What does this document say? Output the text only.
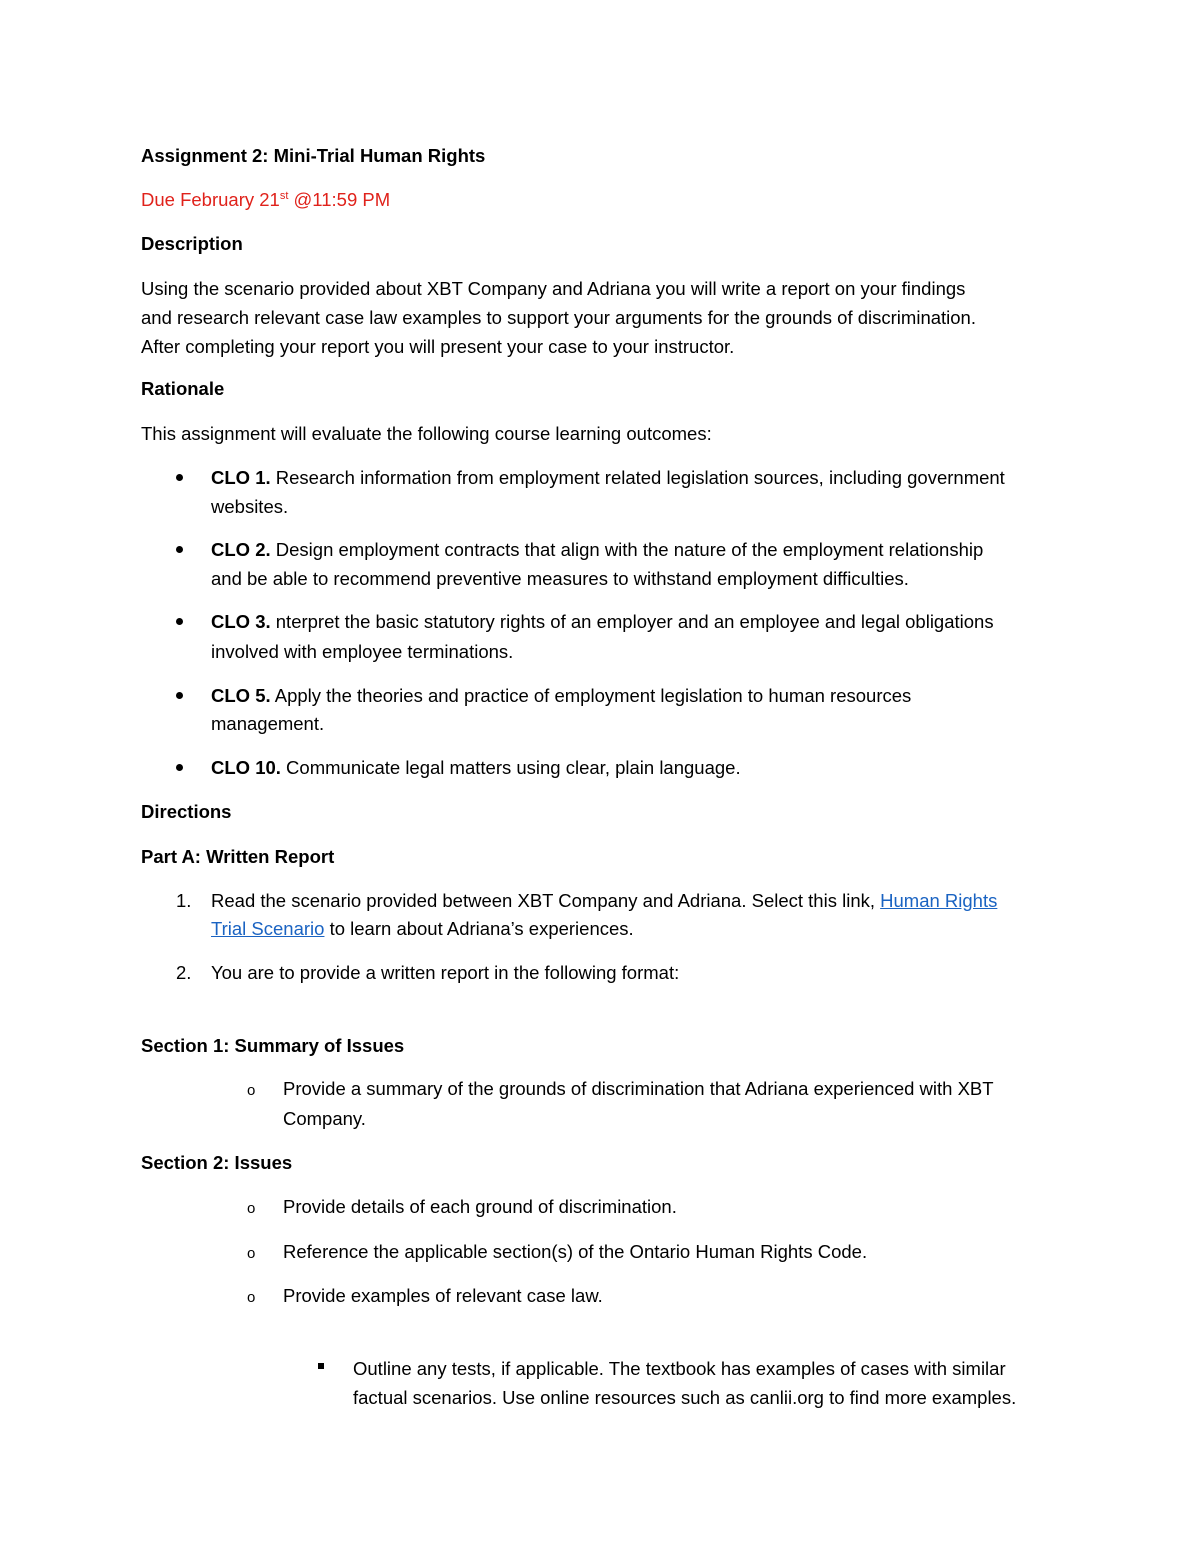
Assignment 2: Mini-Trial Human Rights
Due February 21st @11:59 PM
Description
Using the scenario provided about XBT Company and Adriana you will write a report on your findings
and research relevant case law examples to support your arguments for the grounds of discrimination.
After completing your report you will present your case to your instructor.
Rationale
This assignment will evaluate the following course learning outcomes:
CLO 1. Research information from employment related legislation sources, including government
websites.
CLO 2. Design employment contracts that align with the nature of the employment relationship
and be able to recommend preventive measures to withstand employment difficulties.
CLO 3. nterpret the basic statutory rights of an employer and an employee and legal obligations
involved with employee terminations.
CLO 5. Apply the theories and practice of employment legislation to human resources
management.
CLO 10. Communicate legal matters using clear, plain language.
Directions
Part A: Written Report
1. Read the scenario provided between XBT Company and Adriana. Select this link, Human Rights
Trial Scenario to learn about Adriana’s experiences.
2. You are to provide a written report in the following format:
Section 1: Summary of Issues
o Provide a summary of the grounds of discrimination that Adriana experienced with XBT
Company.
Section 2: Issues
o Provide details of each ground of discrimination.
o Reference the applicable section(s) of the Ontario Human Rights Code.
o Provide examples of relevant case law.
Outline any tests, if applicable. The textbook has examples of cases with similar
factual scenarios. Use online resources such as canlii.org to find more examples.
